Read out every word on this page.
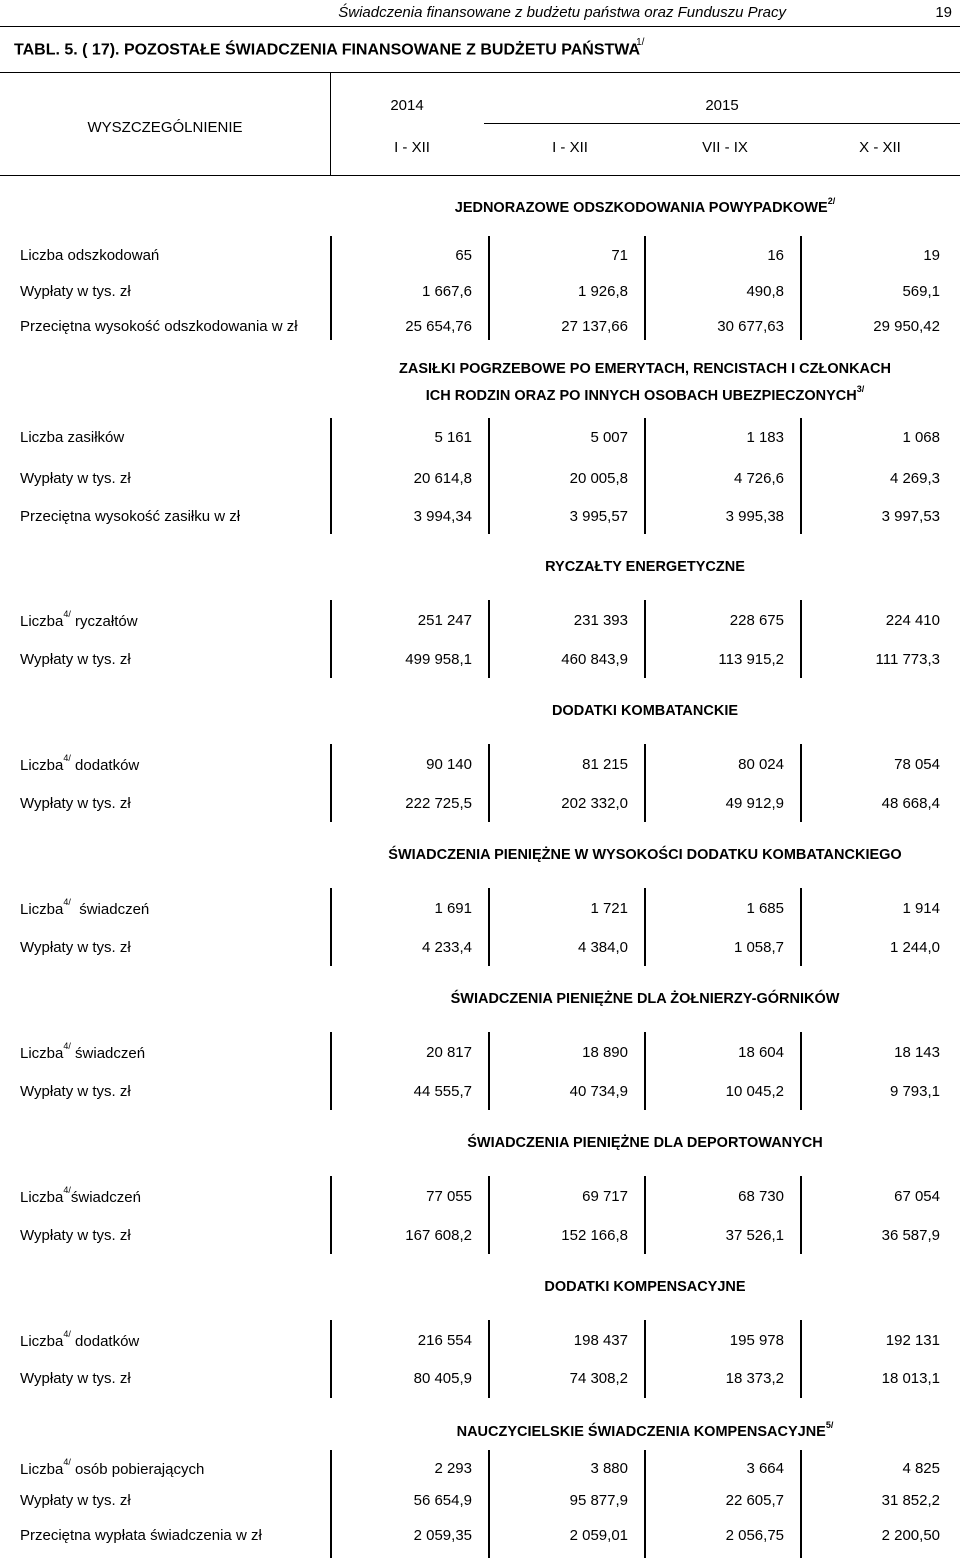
Świadczenia finansowane z budżetu państwa oraz Funduszu Pracy	19
TABL. 5. ( 17). POZOSTAŁE ŚWIADCZENIA FINANSOWANE Z BUDŻETU $PAŃSTWA^{1/}$
WYSZCZEGÓLNIENIE
2014	2015
I - XII	I - XII	VII - IX	X - XII
JEDNORAZOWE ODSZKODOWANIA $POWYPADKOWE^{2/}$
Liczba odszkodowań	65	71	16	19
Wypłaty w tys. zł	1 667,6	1 926,8	490,8	569,1
Przeciętna wysokość odszkodowania w zł	25 654,76	27 137,66	30 677,63	29 950,42
ZASIŁKI POGRZEBOWE PO EMERYTACH, RENCISTACH I CZŁONKACH
ICH RODZIN ORAZ PO INNYCH OSOBACH $UBEZPIECZONYCH^{3/}$
Liczba zasiłków	5 161	5 007	1 183	1 068
Wypłaty w tys. zł	20 614,8	20 005,8	4 726,6	4 269,3
Przeciętna wysokość zasiłku w zł	3 994,34	3 995,57	3 995,38	3 997,53
RYCZAŁTY ENERGETYCZNE
Liczba$^{4/}$ ryczałtów	251 247	231 393	228 675	224 410
Wypłaty w tys. zł	499 958,1	460 843,9	113 915,2	111 773,3
DODATKI KOMBATANCKIE
Liczba$^{4/}$ dodatków	90 140	81 215	80 024	78 054
Wypłaty w tys. zł	222 725,5	202 332,0	49 912,9	48 668,4
ŚWIADCZENIA PIENIĘŻNE W WYSOKOŚCI DODATKU KOMBATANCKIEGO
Liczba$^{4/}$ świadczeń	1 691	1 721	1 685	1 914
Wypłaty w tys. zł	4 233,4	4 384,0	1 058,7	1 244,0
ŚWIADCZENIA PIENIĘŻNE DLA ŻOŁNIERZY-GÓRNIKÓW
Liczba$^{4/}$ świadczeń	20 817	18 890	18 604	18 143
Wypłaty w tys. zł	44 555,7	40 734,9	10 045,2	9 793,1
ŚWIADCZENIA PIENIĘŻNE DLA DEPORTOWANYCH
Liczba$^{4/}$świadczeń	77 055	69 717	68 730	67 054
Wypłaty w tys. zł	167 608,2	152 166,8	37 526,1	36 587,9
DODATKI KOMPENSACYJNE
Liczba$^{4/}$ dodatków	216 554	198 437	195 978	192 131
Wypłaty w tys. zł	80 405,9	74 308,2	18 373,2	18 013,1
NAUCZYCIELSKIE ŚWIADCZENIA $KOMPENSACYJNE^{5/}$
Liczba$^{4/}$ osób pobierających	2 293	3 880	3 664	4 825
Wypłaty w tys. zł	56 654,9	95 877,9	22 605,7	31 852,2
Przeciętna wypłata świadczenia w zł	2 059,35	2 059,01	2 056,75	2 200,50
